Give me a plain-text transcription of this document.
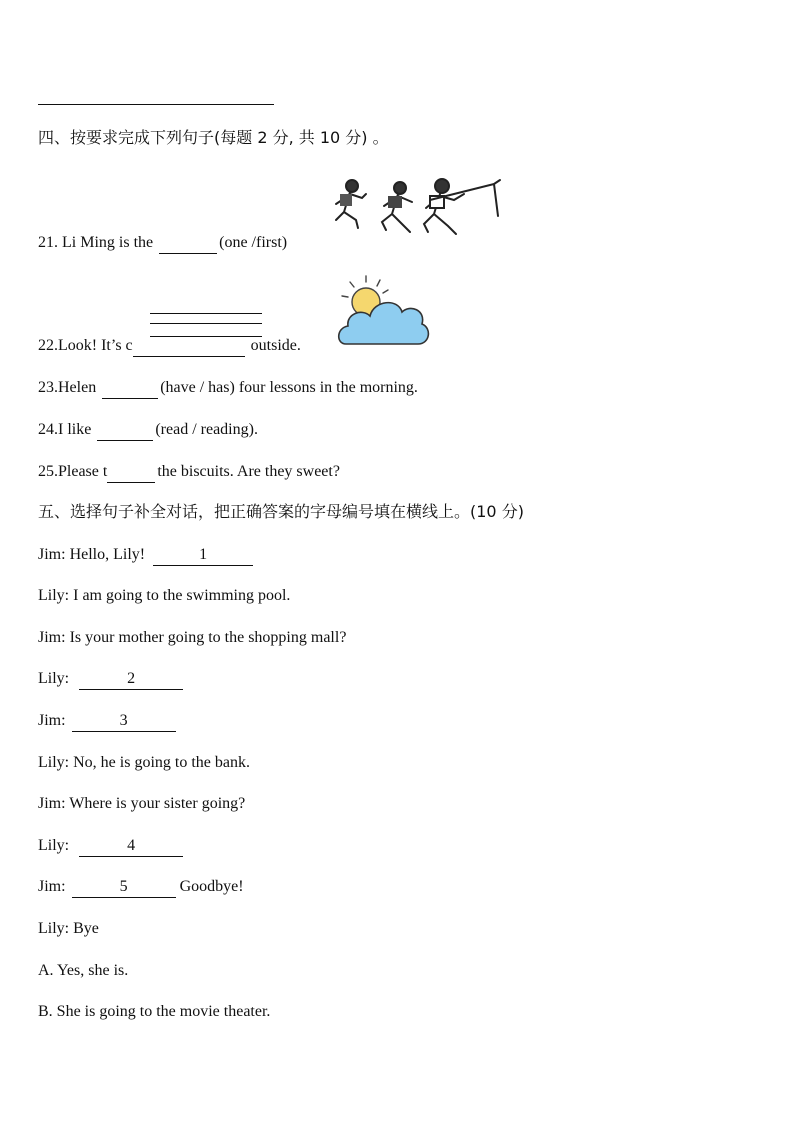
四、按要求完成下列句子(每题 2 分, 共 10 分) 。
21. Li Ming is the	(one /first)
22.Look! It’s c	outside.
23.Helen	(have / has) four lessons in the morning.
24.I like	(read / reading).
25.Please t	the biscuits. Are they sweet?
五、选择句子补全对话，把正确答案的字母编号填在横线上。(10 分)
Jim: Hello, Lily!	1
Lily: I am going to the swimming pool.
Jim: Is your mother going to the shopping mall?
Lily:	2
Jim:	3
Lily: No, he is going to the bank.
Jim: Where is your sister going?
Lily:	4
Jim:	5	Goodbye!
Lily: Bye
A. Yes, she is.
B. She is going to the movie theater.
